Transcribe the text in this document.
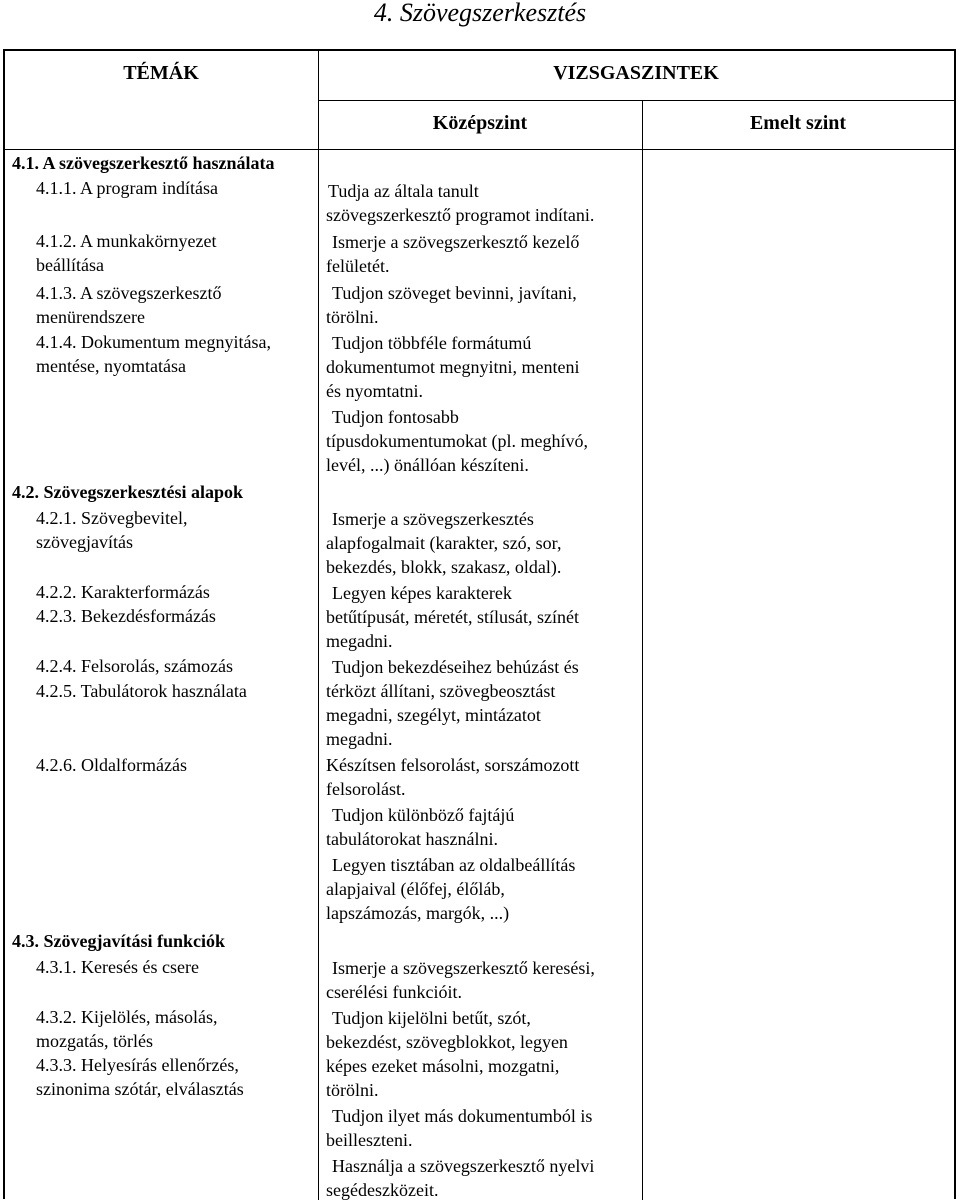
4. Szövegszerkesztés
TÉMÁK	VIZSGASZINTEK
Középszint	Emelt szint
4.1. A szövegszerkesztő használata
4.1.1. A program indítása
4.1.2. A munkakörnyezet
beállítása
4.1.3. A szövegszerkesztő
menürendszere
4.1.4. Dokumentum megnyitása,
mentése, nyomtatása
4.2. Szövegszerkesztési alapok
4.2.1. Szövegbevitel,
szövegjavítás
4.2.2. Karakterformázás
4.2.3. Bekezdésformázás
4.2.4. Felsorolás, számozás
4.2.5. Tabulátorok használata
4.2.6. Oldalformázás
4.3. Szövegjavítási funkciók
4.3.1. Keresés és csere
4.3.2. Kijelölés, másolás,
mozgatás, törlés
4.3.3. Helyesírás ellenőrzés,
szinonima szótár, elválasztás
Tudja az általa tanult
szövegszerkesztő programot indítani.
Ismerje a szövegszerkesztő kezelő
felületét.
Tudjon szöveget bevinni, javítani,
törölni.
Tudjon többféle formátumú
dokumentumot megnyitni, menteni
és nyomtatni.
Tudjon fontosabb
típusdokumentumokat (pl. meghívó,
levél, ...) önállóan készíteni.
Ismerje a szövegszerkesztés
alapfogalmait (karakter, szó, sor,
bekezdés, blokk, szakasz, oldal).
Legyen képes karakterek
betűtípusát, méretét, stílusát, színét
megadni.
Tudjon bekezdéseihez behúzást és
térközt állítani, szövegbeosztást
megadni, szegélyt, mintázatot
megadni.
Készítsen felsorolást, sorszámozott
felsorolást.
Tudjon különböző fajtájú
tabulátorokat használni.
Legyen tisztában az oldalbeállítás
alapjaival (élőfej, élőláb,
lapszámozás, margók, ...)
Ismerje a szövegszerkesztő keresési,
cserélési funkcióit.
Tudjon kijelölni betűt, szót,
bekezdést, szövegblokkot, legyen
képes ezeket másolni, mozgatni,
törölni.
Tudjon ilyet más dokumentumból is
beilleszteni.
Használja a szövegszerkesztő nyelvi
segédeszközeit.
